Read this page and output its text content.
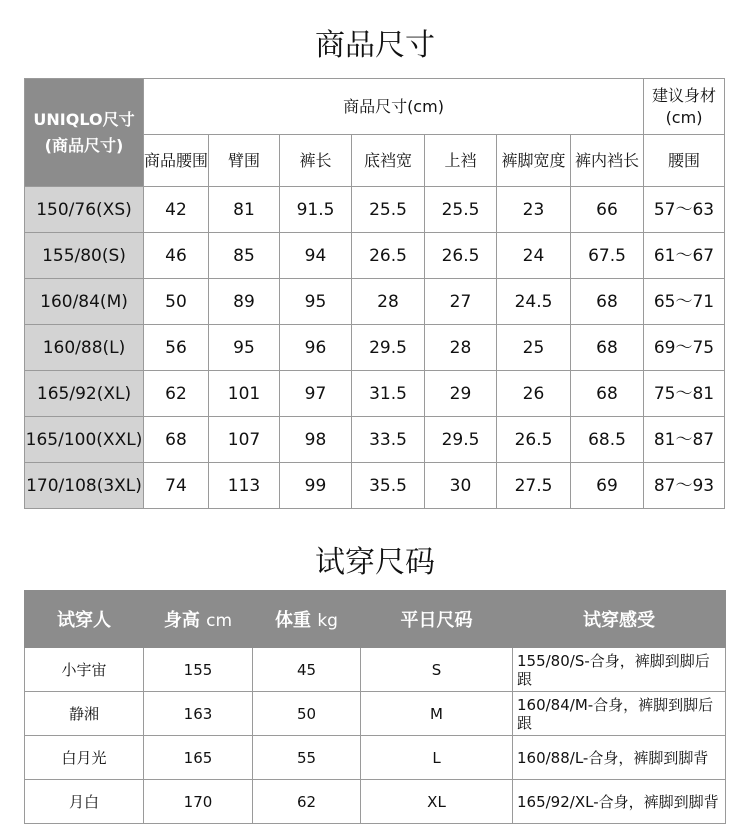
商品尺寸
UNIQLO尺寸
(商品尺寸)	商品尺寸(cm)							建议身材
(cm)

	商品腰围	臂围	裤长	底裆宽	上裆	裤脚宽度	裤内裆长	腰围
150/76(XS)	42	81	91.5	25.5	25.5	23	66	57～63
155/80(S)	46	85	94	26.5	26.5	24	67.5	61～67
160/84(M)	50	89	95	28	27	24.5	68	65～71
160/88(L)	56	95	96	29.5	28	25	68	69～75
165/92(XL)	62	101	97	31.5	29	26	68	75～81
165/100(XXL)	68	107	98	33.5	29.5	26.5	68.5	81～87
170/108(3XL)	74	113	99	35.5	30	27.5	69	87～93
试穿尺码
试穿人	身高 cm	体重 kg	平日尺码	试穿感受
小宇宙	155	45	S	155/80/S-合身，裤脚到脚后跟
静湘	163	50	M	160/84/M-合身，裤脚到脚后跟
白月光	165	55	L	160/88/L-合身，裤脚到脚背
月白	170	62	XL	165/92/XL-合身，裤脚到脚背
